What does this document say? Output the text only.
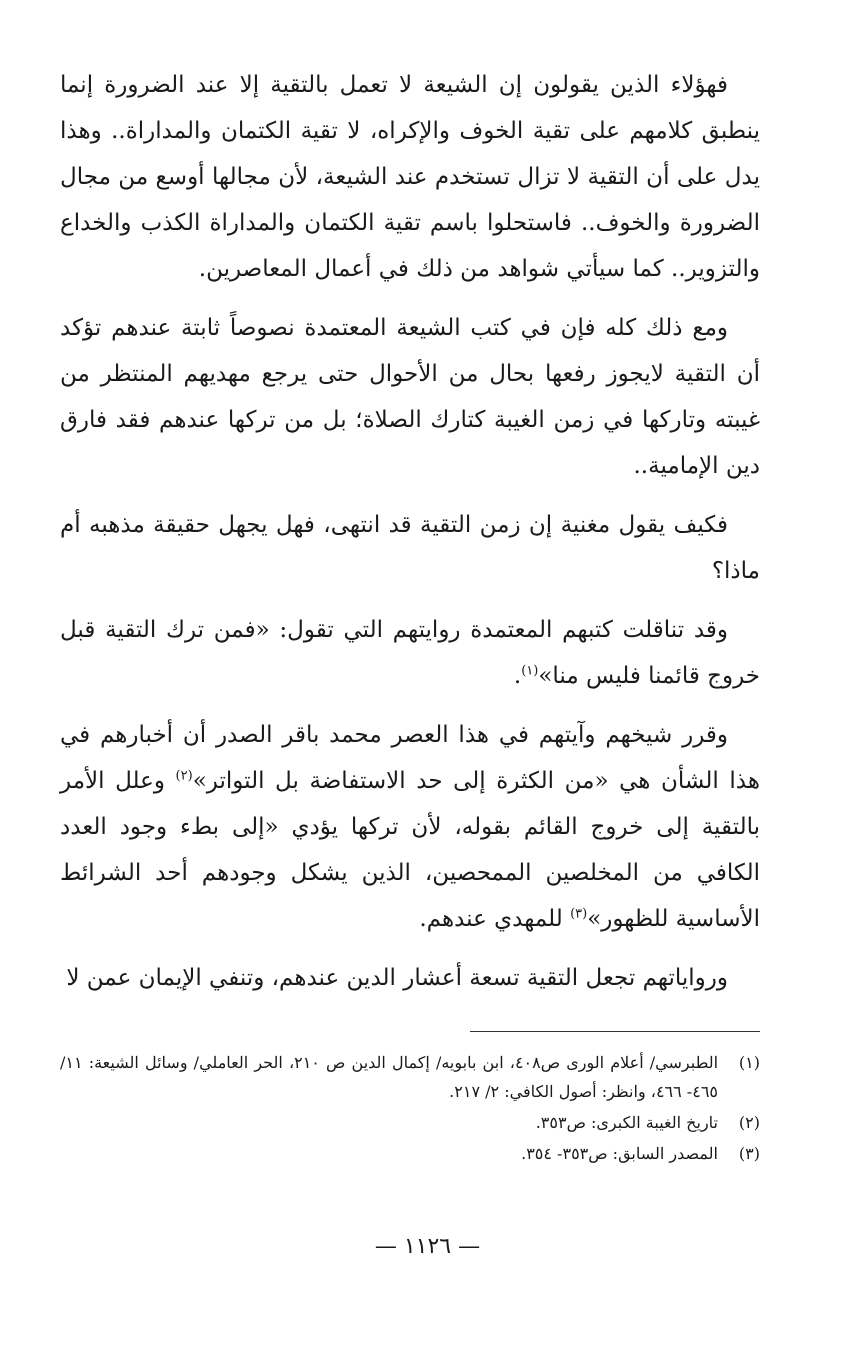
فهؤلاء الذين يقولون إن الشيعة لا تعمل بالتقية إلا عند الضرورة إنما ينطبق كلامهم على تقية الخوف والإكراه، لا تقية الكتمان والمداراة.. وهذا يدل على أن التقية لا تزال تستخدم عند الشيعة، لأن مجالها أوسع من مجال الضرورة والخوف.. فاستحلوا باسم تقية الكتمان والمداراة الكذب والخداع والتزوير.. كما سيأتي شواهد من ذلك في أعمال المعاصرين.

ومع ذلك كله فإن في كتب الشيعة المعتمدة نصوصاً ثابتة عندهم تؤكد أن التقية لايجوز رفعها بحال من الأحوال حتى يرجع مهديهم المنتظر من غيبته وتاركها في زمن الغيبة كتارك الصلاة؛ بل من تركها عندهم فقد فارق دين الإمامية..

فكيف يقول مغنية إن زمن التقية قد انتهى، فهل يجهل حقيقة مذهبه أم ماذا؟

وقد تناقلت كتبهم المعتمدة روايتهم التي تقول: «فمن ترك التقية قبل خروج قائمنا فليس منا»$^{(١)}$.

وقرر شيخهم وآيتهم في هذا العصر محمد باقر الصدر أن أخبارهم في هذا الشأن هي «من الكثرة إلى حد الاستفاضة بل التواتر»$^{(٢)}$ وعلل الأمر بالتقية إلى خروج القائم بقوله، لأن تركها يؤدي «إلى بطء وجود العدد الكافي من المخلصين الممحصين، الذين يشكل وجودهم أحد الشرائط الأساسية للظهور»$^{(٣)}$ للمهدي عندهم.

ورواياتهم تجعل التقية تسعة أعشار الدين عندهم، وتنفي الإيمان عمن لا

(١)
الطبرسي/ أعلام الورى ص٤٠٨، ابن بابويه/ إكمال الدين ص ٢١٠، الحر العاملي/ وسائل الشيعة: ١١/ ٤٦٥- ٤٦٦، وانظر: أصول الكافي: ٢/ ٢١٧.
(٢)
تاريخ الغيبة الكبرى: ص٣٥٣.
(٣)
المصدر السابق: ص٣٥٣- ٣٥٤.
— ١١٢٦ —
